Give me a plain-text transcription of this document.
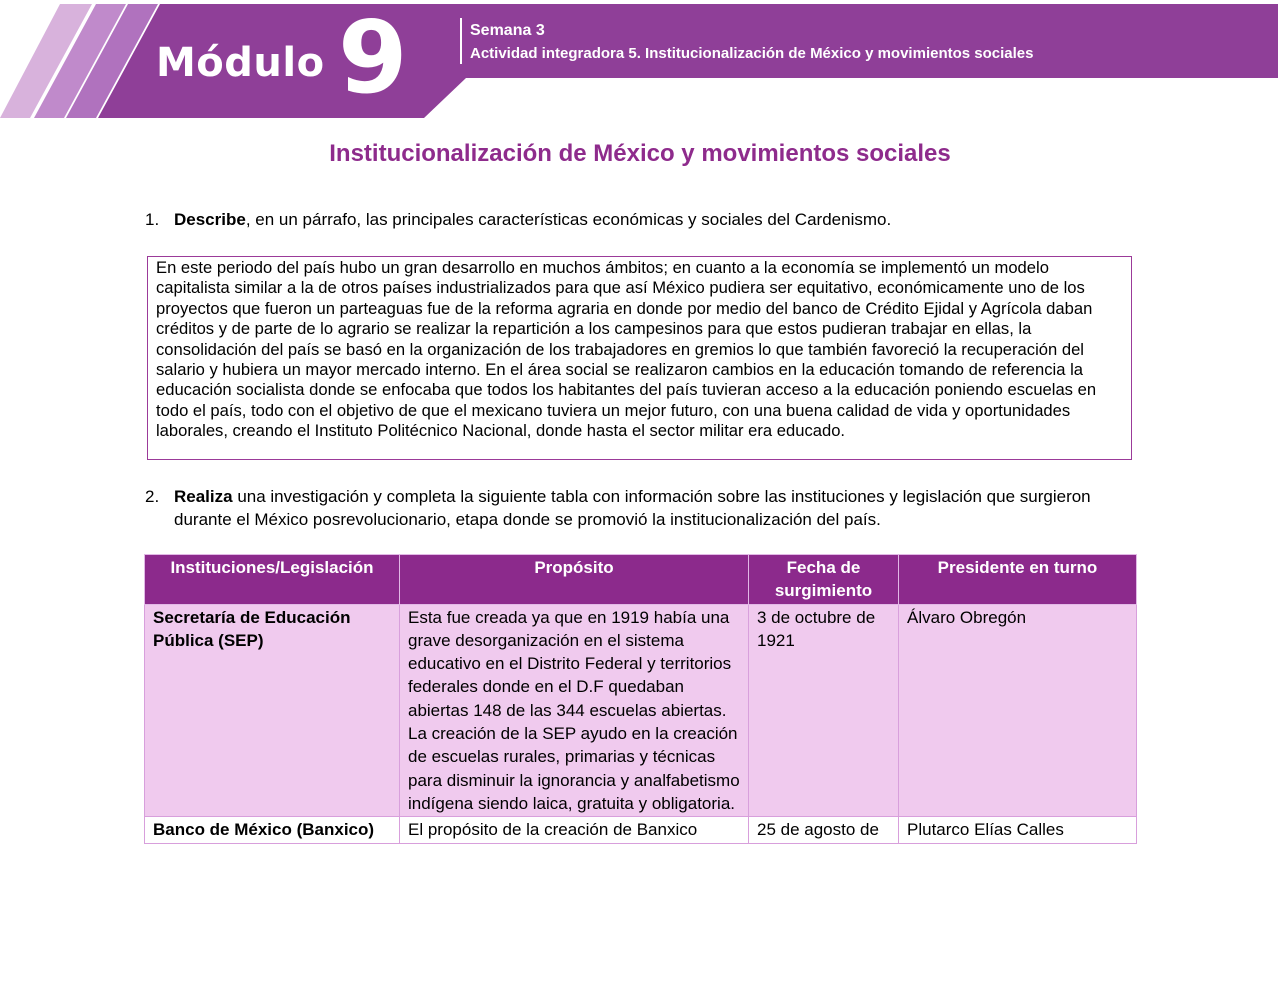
Módulo 9	Semana 3
Actividad integradora 5. Institucionalización de México y movimientos sociales
Institucionalización de México y movimientos sociales
1. Describe, en un párrafo, las principales características económicas y sociales del Cardenismo.
En este periodo del país hubo un gran desarrollo en muchos ámbitos; en cuanto a la economía se implementó un modelo capitalista similar a la de otros países industrializados para que así México pudiera ser equitativo, económicamente uno de los proyectos que fueron un parteaguas fue de la reforma agraria en donde por medio del banco de Crédito Ejidal y Agrícola daban créditos y de parte de lo agrario se realizar la repartición a los campesinos para que estos pudieran trabajar en ellas, la consolidación del país se basó en la organización de los trabajadores en gremios lo que también favoreció la recuperación del salario y hubiera un mayor mercado interno. En el área social se realizaron cambios en la educación tomando de referencia la educación socialista donde se enfocaba que todos los habitantes del país tuvieran acceso a la educación poniendo escuelas en todo el país, todo con el objetivo de que el mexicano tuviera un mejor futuro, con una buena calidad de vida y oportunidades laborales, creando el Instituto Politécnico Nacional, donde hasta el sector militar era educado.
2. Realiza una investigación y completa la siguiente tabla con información sobre las instituciones y legislación que surgieron durante el México posrevolucionario, etapa donde se promovió la institucionalización del país.
Instituciones/Legislación	Propósito	Fecha de surgimiento	Presidente en turno
Secretaría de Educación Pública (SEP)	Esta fue creada ya que en 1919 había una grave desorganización en el sistema educativo en el Distrito Federal y territorios federales donde en el D.F quedaban abiertas 148 de las 344 escuelas abiertas. La creación de la SEP ayudo en la creación de escuelas rurales, primarias y técnicas para disminuir la ignorancia y analfabetismo indígena siendo laica, gratuita y obligatoria.	3 de octubre de 1921	Álvaro Obregón
Banco de México (Banxico)	El propósito de la creación de Banxico	25 de agosto de	Plutarco Elías Calles
